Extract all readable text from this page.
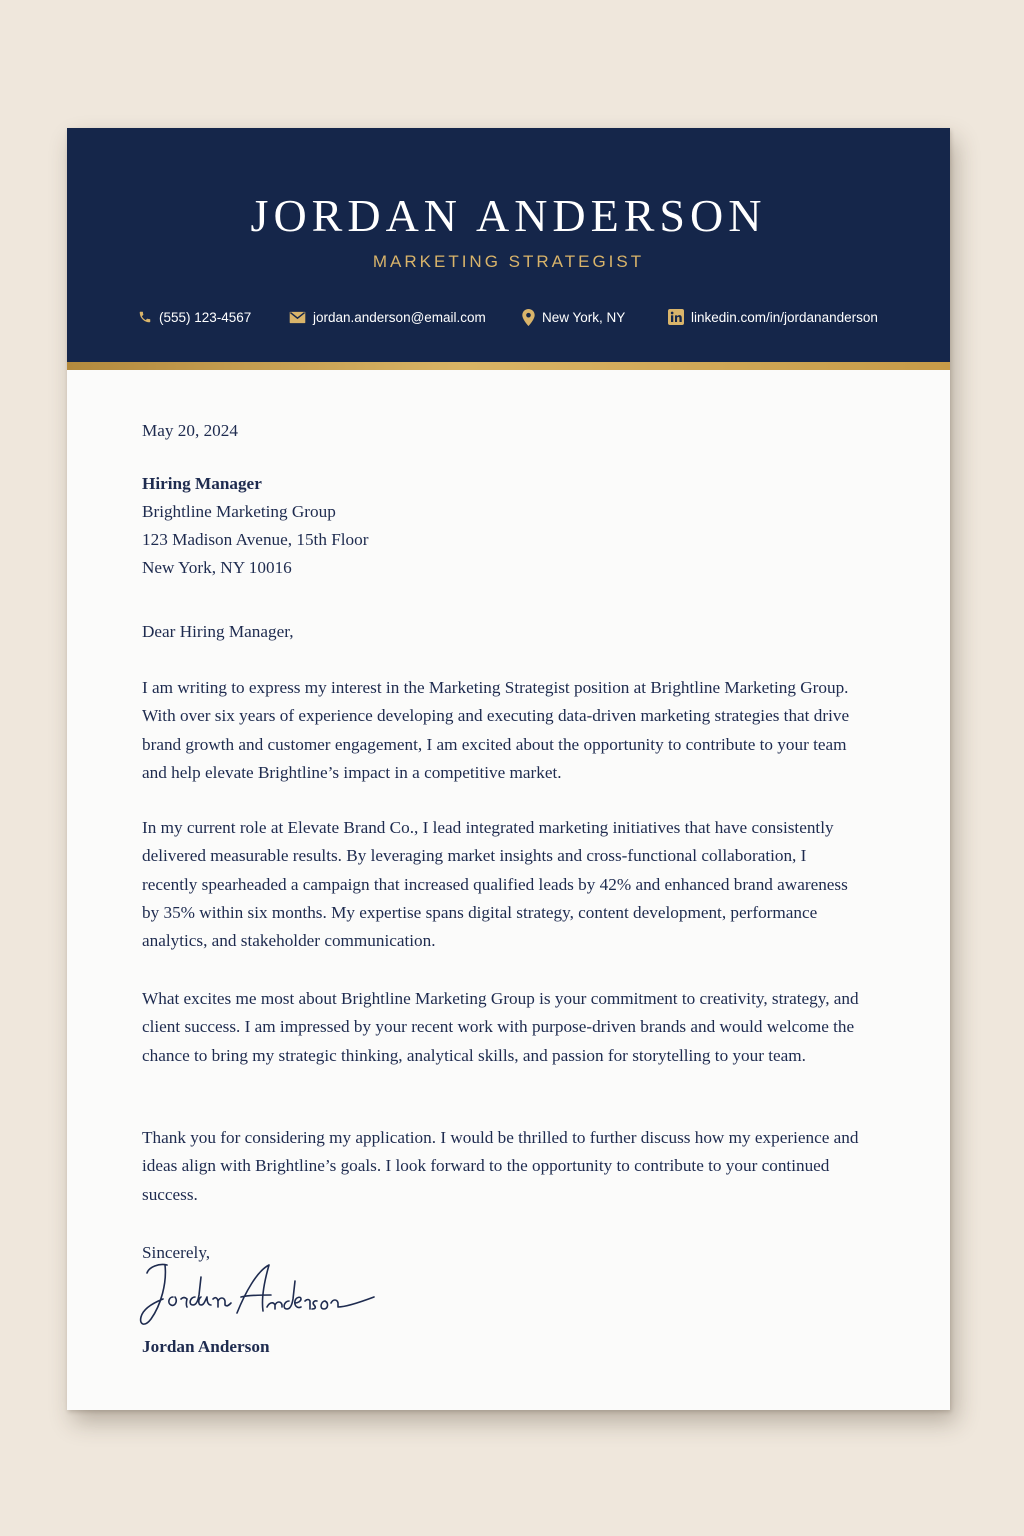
JORDAN ANDERSON
MARKETING STRATEGIST
(555) 123-4567	jordan.anderson@email.com	New York, NY	linkedin.com/in/jordananderson
May 20, 2024
Hiring Manager
Brightline Marketing Group
123 Madison Avenue, 15th Floor
New York, NY 10016
Dear Hiring Manager,

I am writing to express my interest in the Marketing Strategist position at Brightline Marketing Group. With over six years of experience developing and executing data-driven marketing strategies that drive brand growth and customer engagement, I am excited about the opportunity to contribute to your team and help elevate Brightline’s impact in a competitive market.

In my current role at Elevate Brand Co., I lead integrated marketing initiatives that have consistently delivered measurable results. By leveraging market insights and cross-functional collaboration, I recently spearheaded a campaign that increased qualified leads by 42% and enhanced brand awareness by 35% within six months. My expertise spans digital strategy, content development, performance analytics, and stakeholder communication.

What excites me most about Brightline Marketing Group is your commitment to creativity, strategy, and client success. I am impressed by your recent work with purpose-driven brands and would welcome the chance to bring my strategic thinking, analytical skills, and passion for storytelling to your team.

Thank you for considering my application. I would be thrilled to further discuss how my experience and ideas align with Brightline’s goals. I look forward to the opportunity to contribute to your continued success.

Sincerely,
Jordan Anderson
